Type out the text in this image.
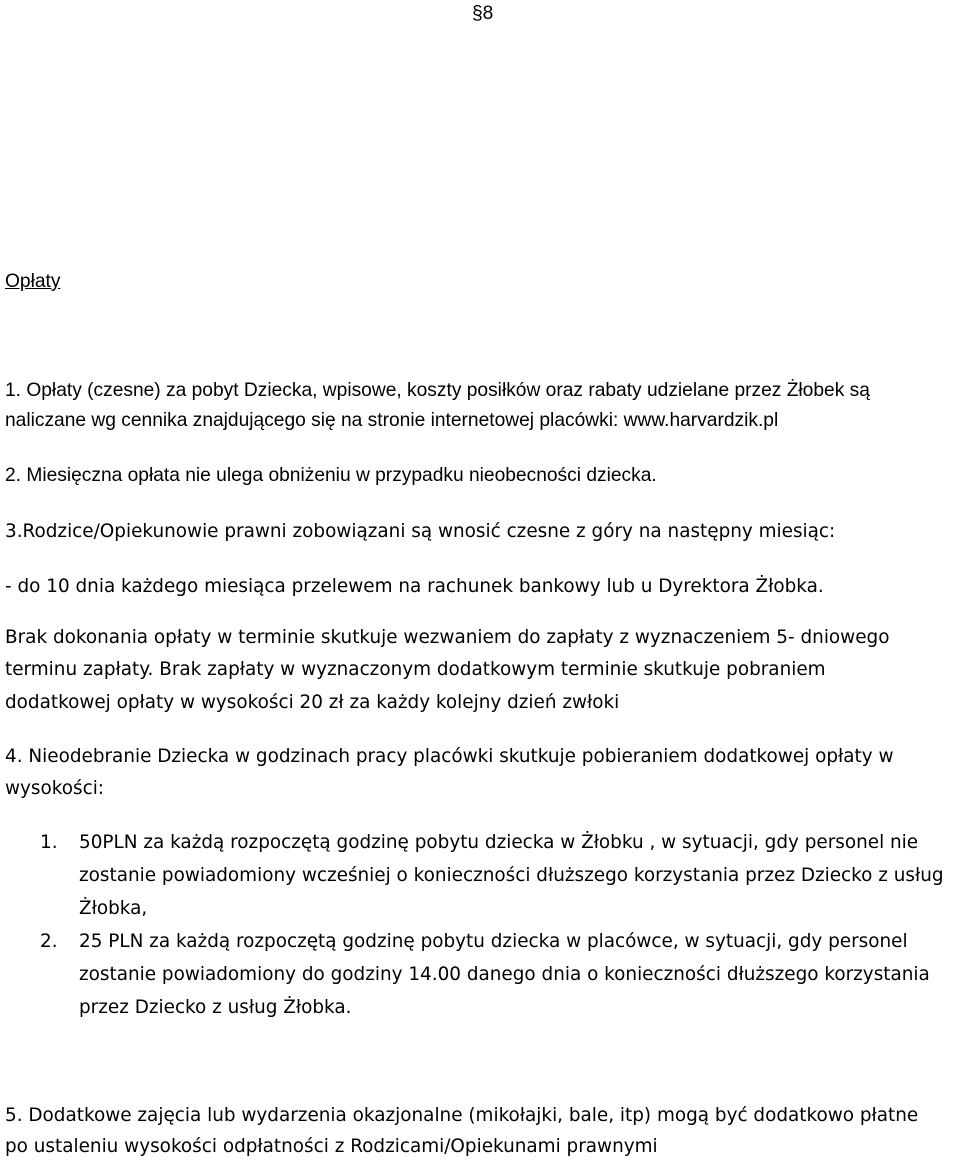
§8
Opłaty
1. Opłaty (czesne) za pobyt Dziecka, wpisowe, koszty posiłków oraz rabaty udzielane przez Żłobek są
naliczane wg cennika znajdującego się na stronie internetowej placówki: www.harvardzik.pl
2. Miesięczna opłata nie ulega obniżeniu w przypadku nieobecności dziecka.
3.Rodzice/Opiekunowie prawni zobowiązani są wnosić czesne z góry na następny miesiąc:
- do 10 dnia każdego miesiąca przelewem na rachunek bankowy lub u Dyrektora Żłobka.
Brak dokonania opłaty w terminie skutkuje wezwaniem do zapłaty z wyznaczeniem 5- dniowego
terminu zapłaty. Brak zapłaty w wyznaczonym dodatkowym terminie skutkuje pobraniem
dodatkowej opłaty w wysokości 20 zł za każdy kolejny dzień zwłoki
4. Nieodebranie Dziecka w godzinach pracy placówki skutkuje pobieraniem dodatkowej opłaty w
wysokości:
1. 50PLN za każdą rozpoczętą godzinę pobytu dziecka w Żłobku , w sytuacji, gdy personel nie
zostanie powiadomiony wcześniej o konieczności dłuższego korzystania przez Dziecko z usług
Żłobka,
2. 25 PLN za każdą rozpoczętą godzinę pobytu dziecka w placówce, w sytuacji, gdy personel
zostanie powiadomiony do godziny 14.00 danego dnia o konieczności dłuższego korzystania
przez Dziecko z usług Żłobka.
5. Dodatkowe zajęcia lub wydarzenia okazjonalne (mikołajki, bale, itp) mogą być dodatkowo płatne
po ustaleniu wysokości odpłatności z Rodzicami/Opiekunami prawnymi
